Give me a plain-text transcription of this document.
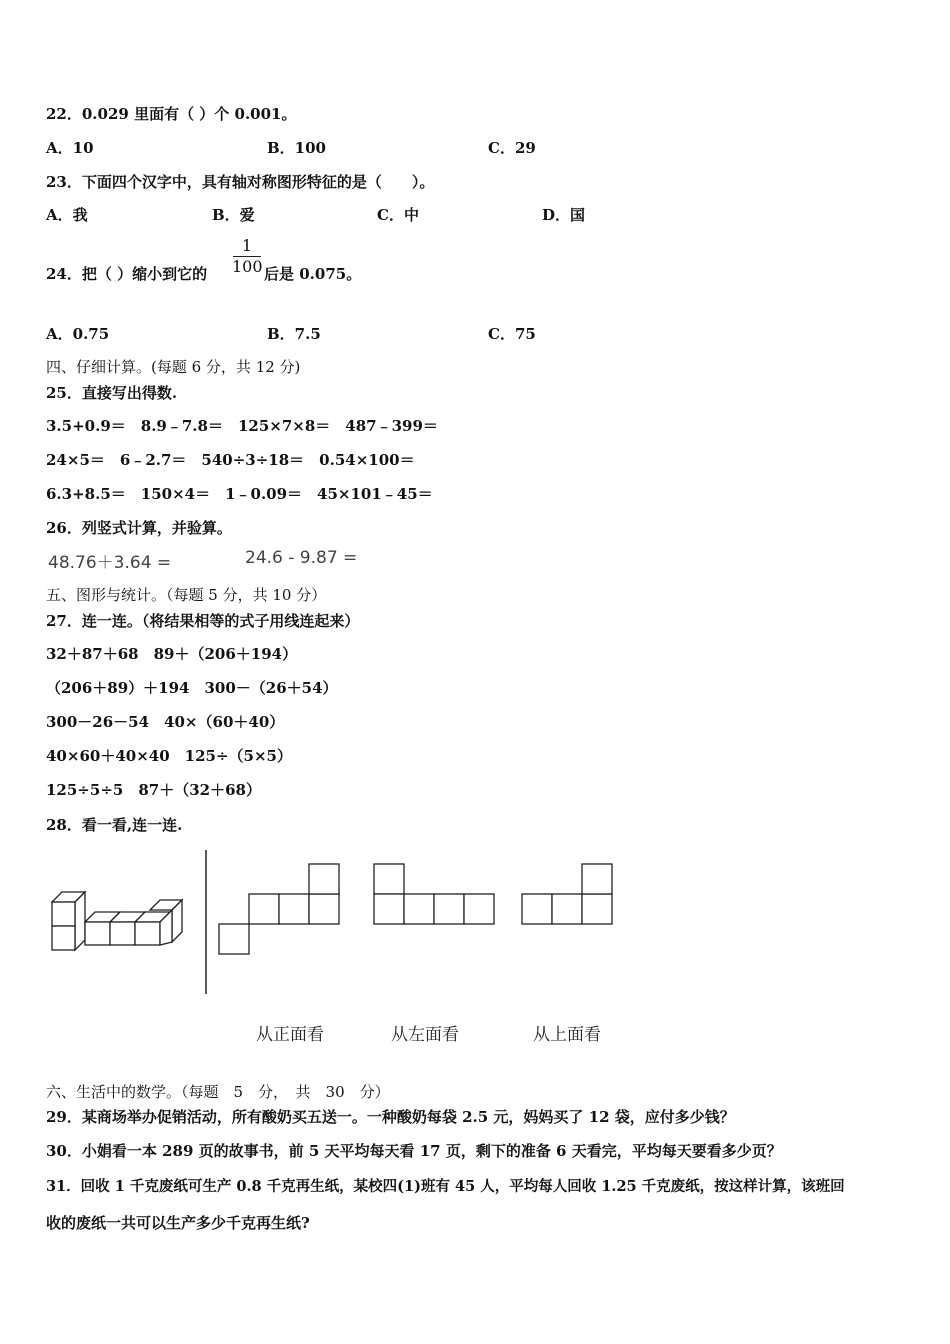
22．0.029 里面有（ ）个 0.001。
A．10	B．100	C．29
23．下面四个汉字中，具有轴对称图形特征的是（　　）。
A．我	B．爱	C．中	D．国
24．把（ ）缩小到它的
1
100 后是 0.075。
A．0.75	B．7.5	C．75
四、仔细计算。(每题 6 分，共 12 分)
25．直接写出得数.
3.5+0.9＝　8.9﹣7.8＝　125×7×8＝　487﹣399＝
24×5＝　6﹣2.7＝　540÷3÷18＝　0.54×100＝
6.3+8.5＝　150×4＝　1﹣0.09＝　45×101﹣45＝
26．列竖式计算，并验算。
48.76＋3.64 =	24.6 - 9.87 =
五、图形与统计。（每题 5 分，共 10 分）
27．连一连。（将结果相等的式子用线连起来）
32＋87＋68　89＋（206＋194）
（206＋89）＋194　300－（26＋54）
300－26－54　40×（60＋40）
40×60＋40×40　125÷（5×5）
125÷5÷5　87＋（32＋68）
28．看一看,连一连.
从正面看	从左面看	从上面看
六、生活中的数学。（每题　5　分，　共　30　分）
29．某商场举办促销活动，所有酸奶买五送一。一种酸奶每袋 2.5 元，妈妈买了 12 袋，应付多少钱？
30．小娟看一本 289 页的故事书，前 5 天平均每天看 17 页，剩下的准备 6 天看完，平均每天要看多少页？
31．回收 1 千克废纸可生产 0.8 千克再生纸，某校四(1)班有 45 人，平均每人回收 1.25 千克废纸，按这样计算，该班回
收的废纸一共可以生产多少千克再生纸?
